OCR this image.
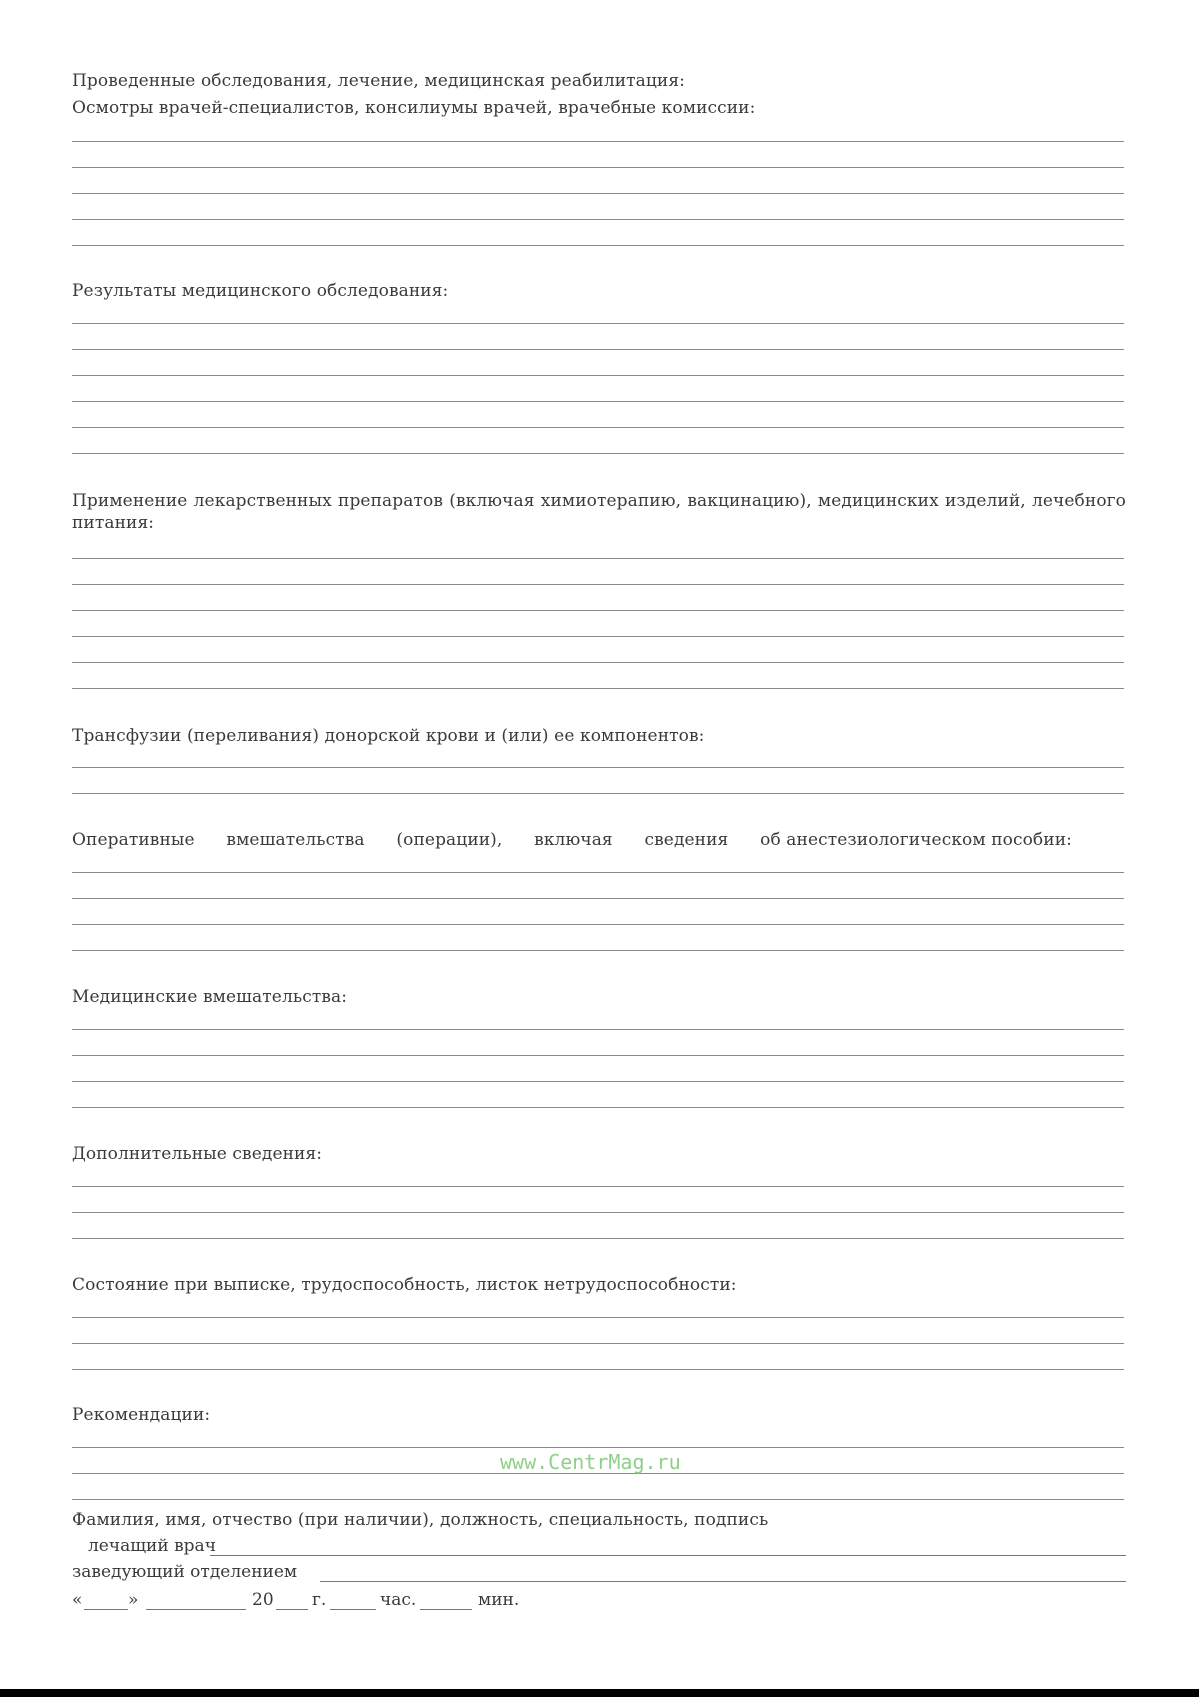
Проведенные обследования, лечение, медицинская реабилитация:
Осмотры врачей-специалистов, консилиумы врачей, врачебные комиссии:
Результаты медицинского обследования:
Применение лекарственных препаратов (включая химиотерапию, вакцинацию), медицинских изделий, лечебного питания:
Трансфузии (переливания) донорской крови и (или) ее компонентов:
Оперативные вмешательства (операции), включая сведения об анестезиологическом пособии:
Медицинские вмешательства:
Дополнительные сведения:
Состояние при выписке, трудоспособность, листок нетрудоспособности:
Рекомендации:
www.CentrMag.ru
Фамилия, имя, отчество (при наличии), должность, специальность, подпись
лечащий врач
заведующий отделением
«	»	20 г.	час.	мин.
